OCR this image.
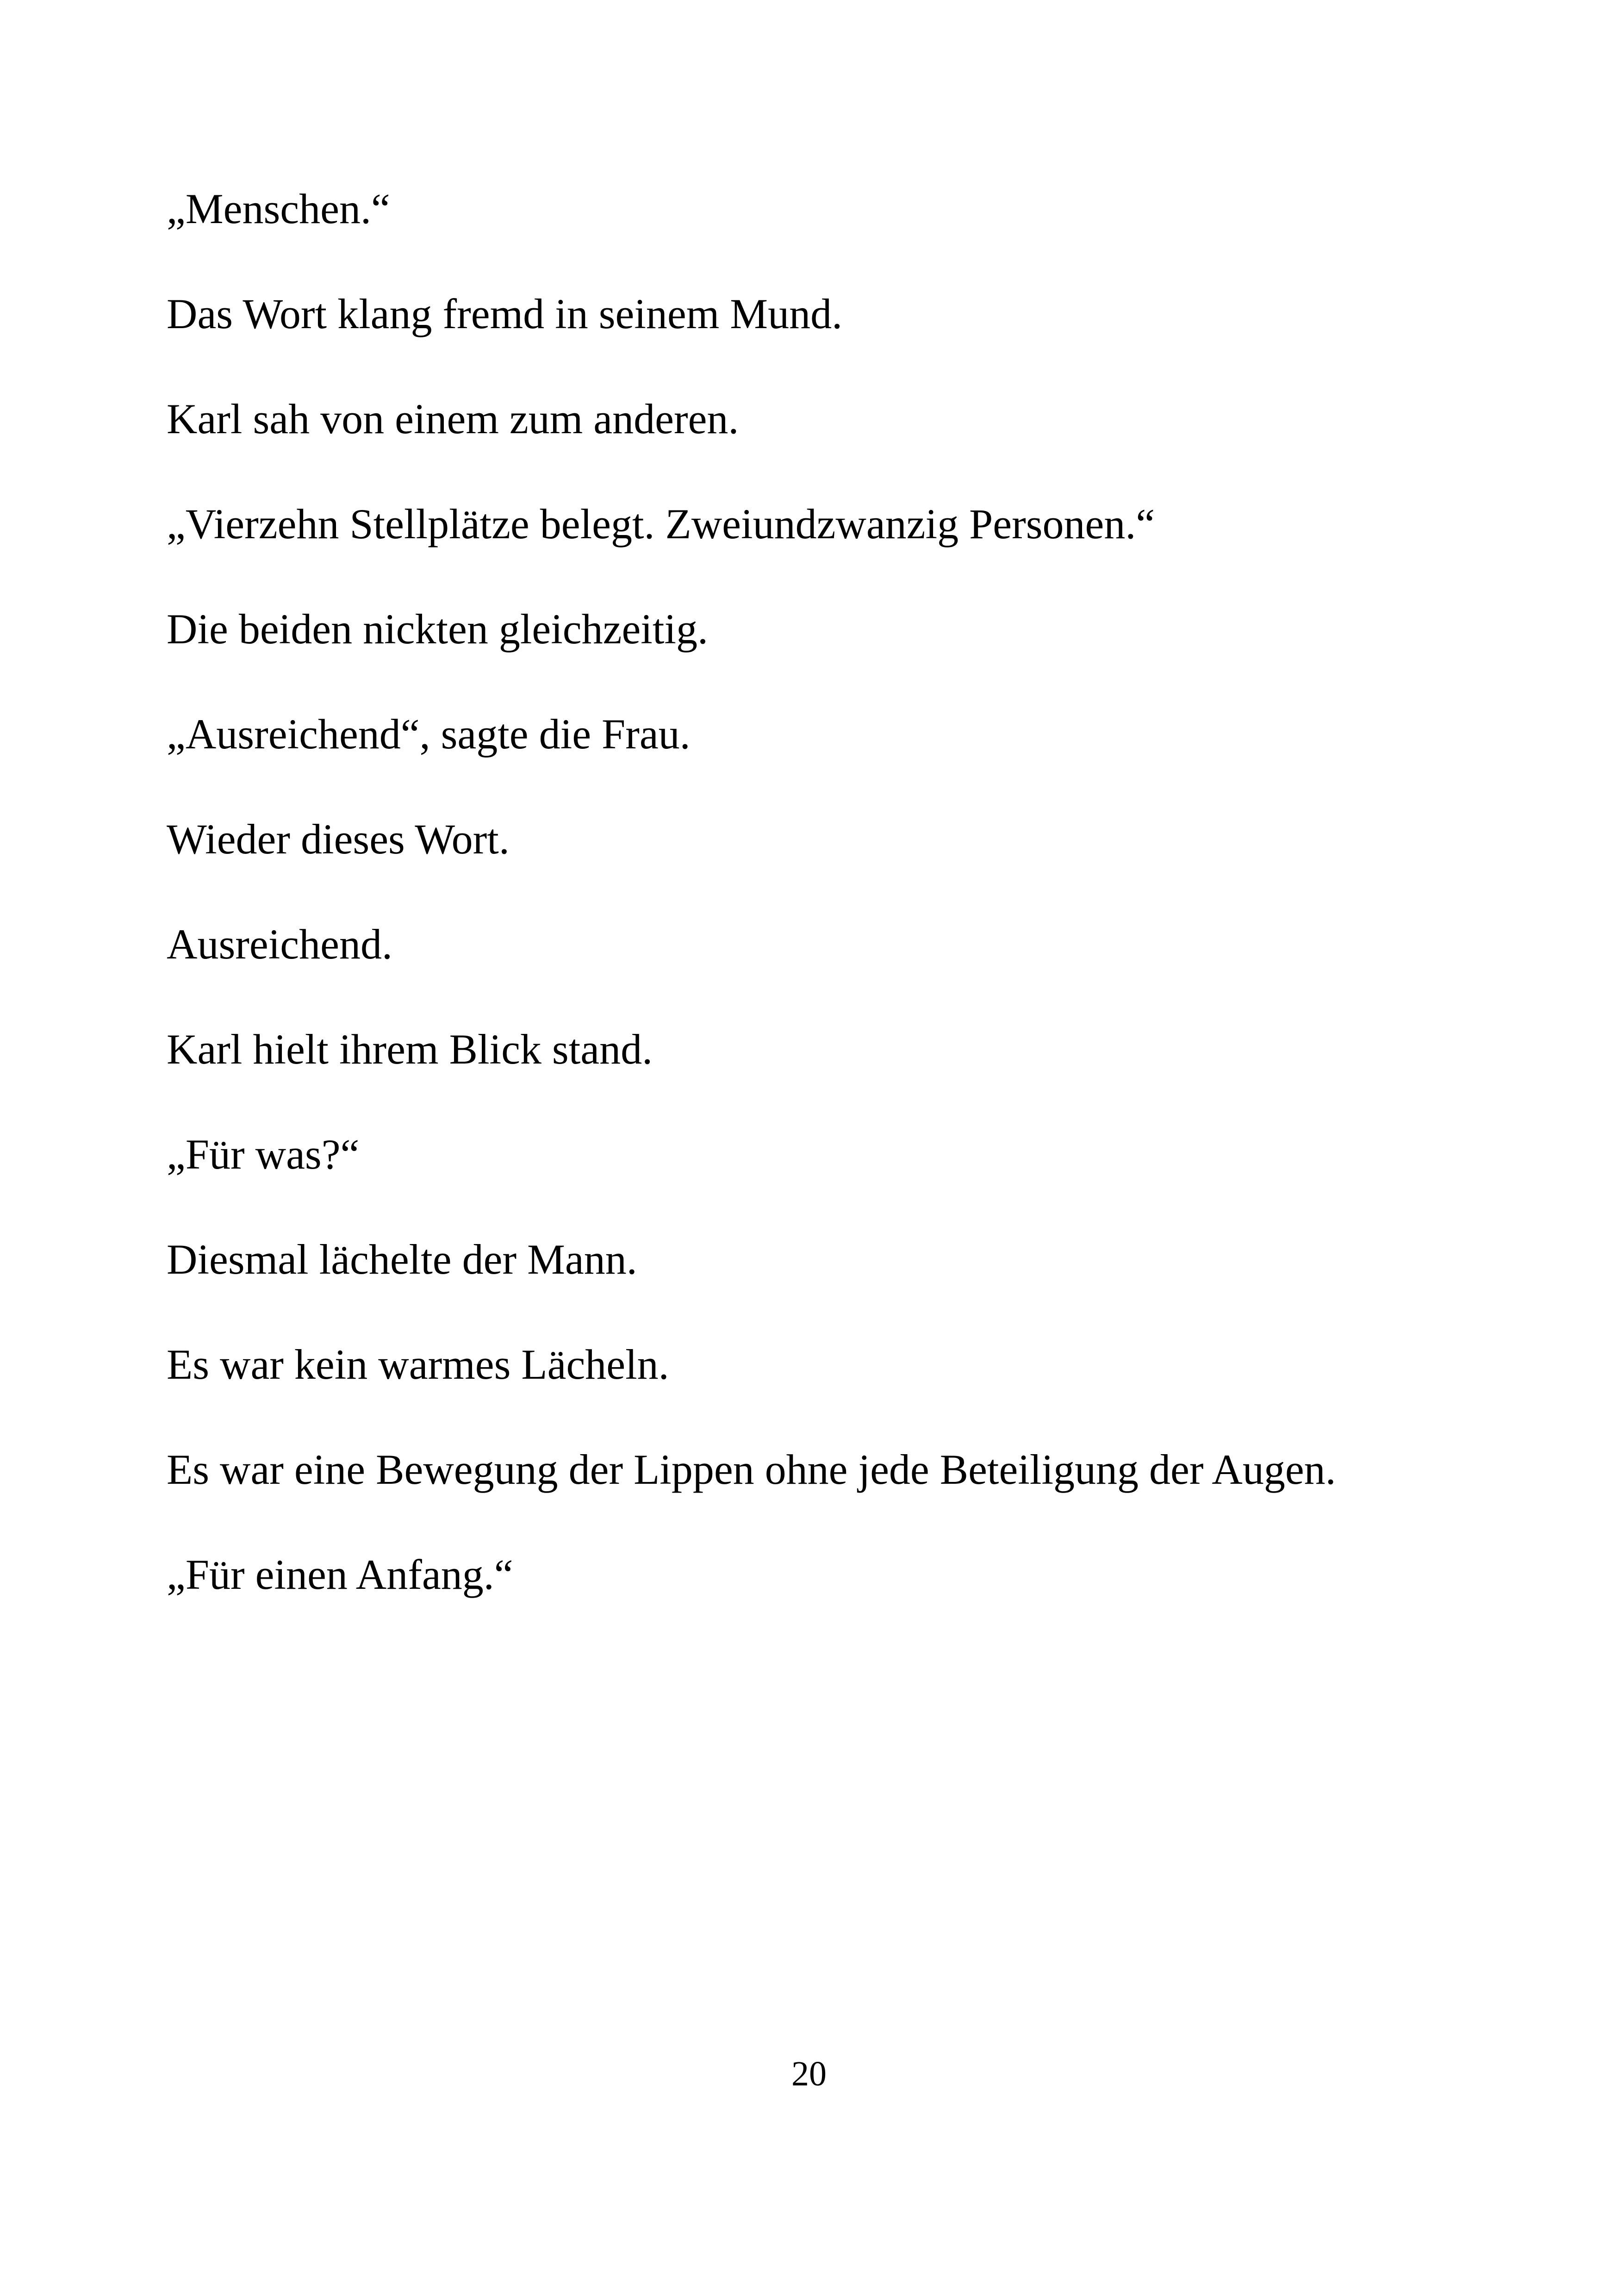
„Menschen.“

Das Wort klang fremd in seinem Mund.

Karl sah von einem zum anderen.

„Vierzehn Stellplätze belegt. Zweiundzwanzig Personen.“

Die beiden nickten gleichzeitig.

„Ausreichend“, sagte die Frau.

Wieder dieses Wort.

Ausreichend.

Karl hielt ihrem Blick stand.

„Für was?“

Diesmal lächelte der Mann.

Es war kein warmes Lächeln.

Es war eine Bewegung der Lippen ohne jede Beteiligung der Augen.

„Für einen Anfang.“

20
